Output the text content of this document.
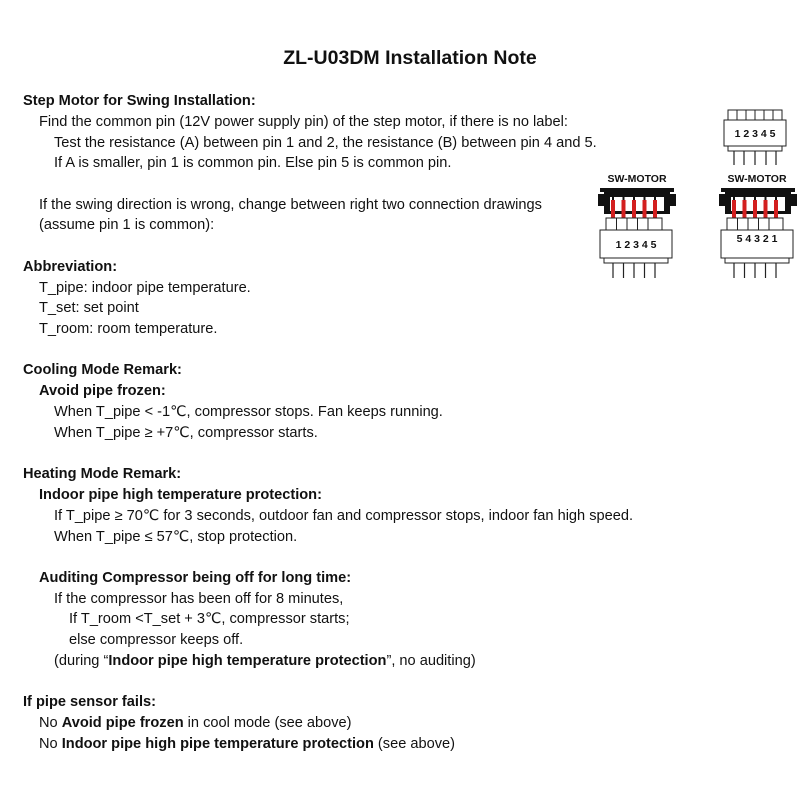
ZL-U03DM Installation Note
Step Motor for Swing Installation:
Find the common pin (12V power supply pin) of the step motor, if there is no label:
Test the resistance (A) between pin 1 and 2, the resistance (B) between pin 4 and 5.
If A is smaller, pin 1 is common pin. Else pin 5 is common pin.
If the swing direction is wrong, change between right two connection drawings
(assume pin 1 is common):
Abbreviation:
T_pipe: indoor pipe temperature.
T_set: set point
T_room: room temperature.
Cooling Mode Remark:
Avoid pipe frozen:
When T_pipe < -1℃, compressor stops. Fan keeps running.
When T_pipe ≥ +7℃, compressor starts.
Heating Mode Remark:
Indoor pipe high temperature protection:
If T_pipe ≥ 70℃ for 3 seconds, outdoor fan and compressor stops, indoor fan high speed.
When T_pipe ≤ 57℃, stop protection.
Auditing Compressor being off for long time:
If the compressor has been off for 8 minutes,
If T_room <T_set + 3℃, compressor starts;
else compressor keeps off.
(during “Indoor pipe high temperature protection”, no auditing)
If pipe sensor fails:
No Avoid pipe frozen in cool mode (see above)
No Indoor pipe high pipe temperature protection (see above)
1 2 3 4 5
SW-MOTOR
1 2 3 4 5
SW-MOTOR
5 4 3 2 1
